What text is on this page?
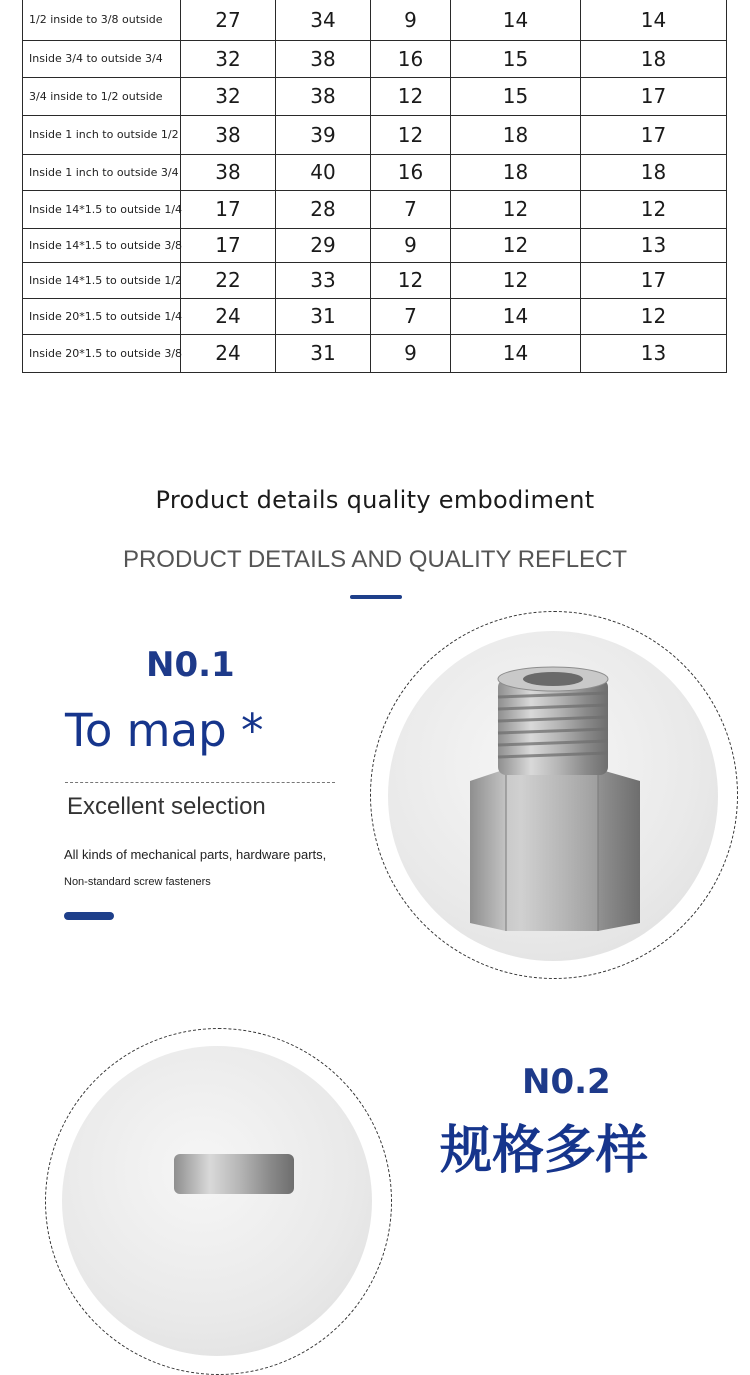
1/2 inside to 3/8 outside	27	34	9	14	14
Inside 3/4 to outside 3/4	32	38	16	15	18
3/4 inside to 1/2 outside	32	38	12	15	17
Inside 1 inch to outside 1/2	38	39	12	18	17
Inside 1 inch to outside 3/4	38	40	16	18	18
Inside 14*1.5 to outside 1/4	17	28	7	12	12
Inside 14*1.5 to outside 3/8	17	29	9	12	13
Inside 14*1.5 to outside 1/2	22	33	12	12	17
Inside 20*1.5 to outside 1/4	24	31	7	14	12
Inside 20*1.5 to outside 3/8	24	31	9	14	13
Product details quality embodiment
PRODUCT DETAILS AND QUALITY REFLECT
N0.1
To map *
Excellent selection
All kinds of mechanical parts, hardware parts,
Non-standard screw fasteners
N0.2
规格多样
